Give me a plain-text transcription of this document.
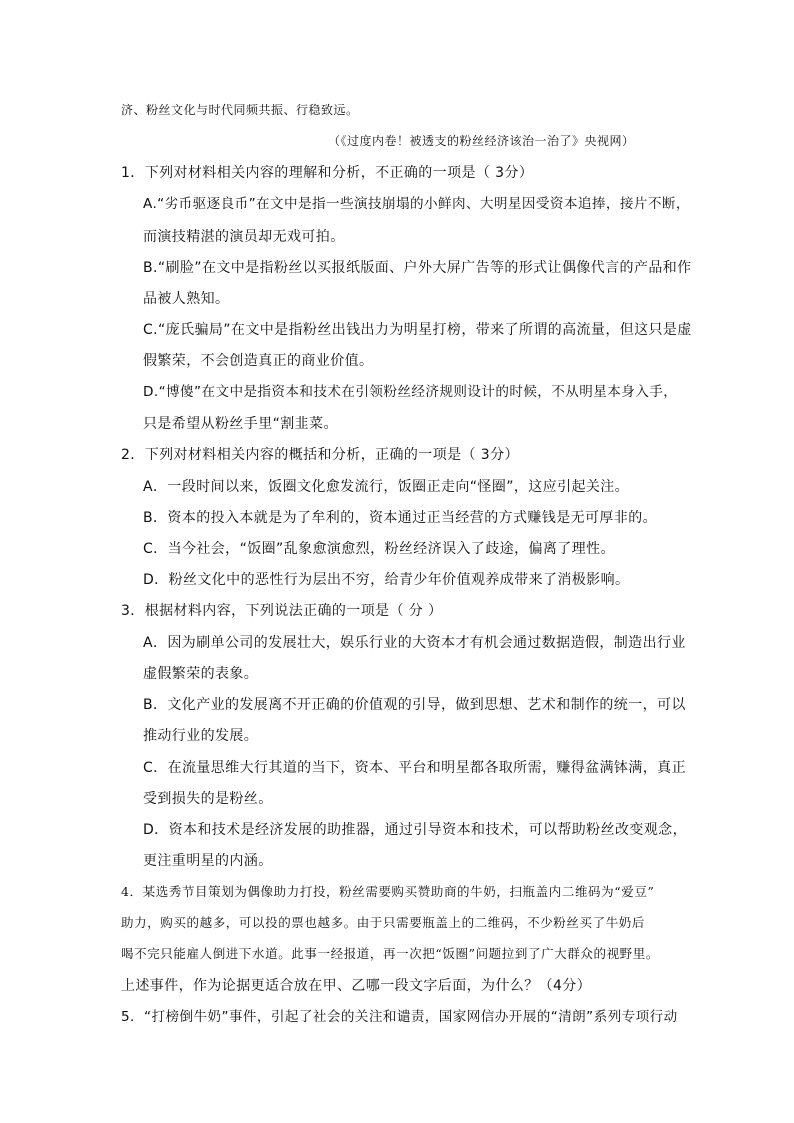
济、粉丝文化与时代同频共振、行稳致远。
（《过度内卷！被透支的粉丝经济该治一治了》央视网）
1．下列对材料相关内容的理解和分析，不正确的一项是（ 3分）
A.“劣币驱逐良币”在文中是指一些演技崩塌的小鲜肉、大明星因受资本追捧，接片不断，
而演技精湛的演员却无戏可拍。
B.“刷脸”在文中是指粉丝以买报纸版面、户外大屏广告等的形式让偶像代言的产品和作
品被人熟知。
C.“庞氏骗局”在文中是指粉丝出钱出力为明星打榜，带来了所谓的高流量，但这只是虚
假繁荣，不会创造真正的商业价值。
D.“博傻”在文中是指资本和技术在引领粉丝经济规则设计的时候，不从明星本身入手，
只是希望从粉丝手里“割韭菜。
2．下列对材料相关内容的概括和分析，正确的一项是（ 3分）
A．一段时间以来，饭圈文化愈发流行，饭圈正走向“怪圈”，这应引起关注。
B．资本的投入本就是为了牟利的，资本通过正当经营的方式赚钱是无可厚非的。
C．当今社会，“饭圈”乱象愈演愈烈，粉丝经济误入了歧途，偏离了理性。
D．粉丝文化中的恶性行为层出不穷，给青少年价值观养成带来了消极影响。
3．根据材料内容，下列说法正确的一项是（ 分 ）
A．因为刷单公司的发展壮大，娱乐行业的大资本才有机会通过数据造假，制造出行业
虚假繁荣的表象。
B．文化产业的发展离不开正确的价值观的引导，做到思想、艺术和制作的统一，可以
推动行业的发展。
C．在流量思维大行其道的当下，资本、平台和明星都各取所需，赚得盆满钵满，真正
受到损失的是粉丝。
D．资本和技术是经济发展的助推器，通过引导资本和技术，可以帮助粉丝改变观念，
更注重明星的内涵。
4．某选秀节目策划为偶像助力打投，粉丝需要购买赞助商的牛奶，扫瓶盖内二维码为“爱豆”
助力，购买的越多，可以投的票也越多。由于只需要瓶盖上的二维码，不少粉丝买了牛奶后
喝不完只能雇人倒进下水道。此事一经报道，再一次把“饭圈”问题拉到了广大群众的视野里。
上述事件，作为论据更适合放在甲、乙哪一段文字后面，为什么？（4分）
5．“打榜倒牛奶”事件，引起了社会的关注和谴责，国家网信办开展的“清朗”系列专项行动
